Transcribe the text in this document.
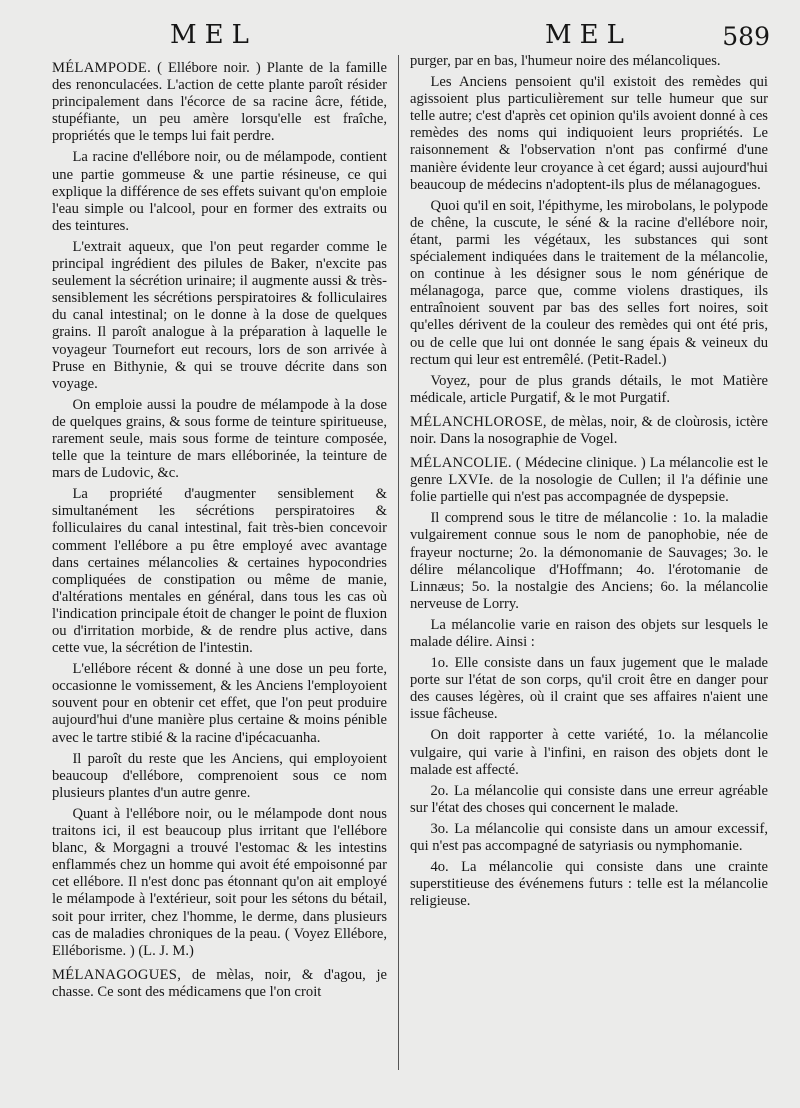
MEL	MEL	589

MÉLAMPODE. ( Ellébore noir. ) Plante de la famille des renonculacées. L'action de cette plante paroît résider principalement dans l'écorce de sa racine âcre, fétide, stupéfiante, un peu amère lorsqu'elle est fraîche, propriétés que le temps lui fait perdre.

La racine d'ellébore noir, ou de mélampode, contient une partie gommeuse & une partie résineuse, ce qui explique la différence de ses effets suivant qu'on emploie l'eau simple ou l'alcool, pour en former des extraits ou des teintures.

L'extrait aqueux, que l'on peut regarder comme le principal ingrédient des pilules de Baker, n'excite pas seulement la sécrétion urinaire; il augmente aussi & très-sensiblement les sécrétions perspiratoires & folliculaires du canal intestinal; on le donne à la dose de quelques grains. Il paroît analogue à la préparation à laquelle le voyageur Tournefort eut recours, lors de son arrivée à Pruse en Bithynie, & qui se trouve décrite dans son voyage.

On emploie aussi la poudre de mélampode à la dose de quelques grains, & sous forme de teinture spiritueuse, rarement seule, mais sous forme de teinture composée, telle que la teinture de mars elléborinée, la teinture de mars de Ludovic, &c.

La propriété d'augmenter sensiblement & simultanément les sécrétions perspiratoires & folliculaires du canal intestinal, fait très-bien concevoir comment l'ellébore a pu être employé avec avantage dans certaines mélancolies & certaines hypocondries compliquées de constipation ou même de manie, d'altérations mentales en général, dans tous les cas où l'indication principale étoit de changer le point de fluxion ou d'irritation morbide, & de rendre plus active, dans cette vue, la sécrétion de l'intestin.

L'ellébore récent & donné à une dose un peu forte, occasionne le vomissement, & les Anciens l'employoient souvent pour en obtenir cet effet, que l'on peut produire aujourd'hui d'une manière plus certaine & moins pénible avec le tartre stibié & la racine d'ipécacuanha.

Il paroît du reste que les Anciens, qui employoient beaucoup d'ellébore, comprenoient sous ce nom plusieurs plantes d'un autre genre.

Quant à l'ellébore noir, ou le mélampode dont nous traitons ici, il est beaucoup plus irritant que l'ellébore blanc, & Morgagni a trouvé l'estomac & les intestins enflammés chez un homme qui avoit été empoisonné par cet ellébore. Il n'est donc pas étonnant qu'on ait employé le mélampode à l'extérieur, soit pour les sétons du bétail, soit pour irriter, chez l'homme, le derme, dans plusieurs cas de maladies chroniques de la peau. ( Voyez Ellébore, Elléborisme. ) (L. J. M.)

MÉLANAGOGUES, de mèlas, noir, & d'agou, je chasse. Ce sont des médicamens que l'on croit

purger, par en bas, l'humeur noire des mélancoliques.

Les Anciens pensoient qu'il existoit des remèdes qui agissoient plus particulièrement sur telle humeur que sur telle autre; c'est d'après cet opinion qu'ils avoient donné à ces remèdes des noms qui indiquoient leurs propriétés. Le raisonnement & l'observation n'ont pas confirmé d'une manière évidente leur croyance à cet égard; aussi aujourd'hui beaucoup de médecins n'adoptent-ils plus de mélanagogues.

Quoi qu'il en soit, l'épithyme, les mirobolans, le polypode de chêne, la cuscute, le séné & la racine d'ellébore noir, étant, parmi les végétaux, les substances qui sont spécialement indiquées dans le traitement de la mélancolie, on continue à les désigner sous le nom générique de mélanagoga, parce que, comme violens drastiques, ils entraînoient souvent par bas des selles fort noires, soit qu'elles dérivent de la couleur des remèdes qui ont été pris, ou de celle que lui ont donnée le sang épais & veineux du rectum qui leur est entremêlé. (Petit-Radel.)

Voyez, pour de plus grands détails, le mot Matière médicale, article Purgatif, & le mot Purgatif.

MÉLANCHLOROSE, de mèlas, noir, & de cloùrosis, ictère noir. Dans la nosographie de Vogel.

MÉLANCOLIE. ( Médecine clinique. ) La mélancolie est le genre LXVIe. de la nosologie de Cullen; il l'a définie une folie partielle qui n'est pas accompagnée de dyspepsie.

Il comprend sous le titre de mélancolie : 1o. la maladie vulgairement connue sous le nom de panophobie, née de frayeur nocturne; 2o. la démonomanie de Sauvages; 3o. le délire mélancolique d'Hoffmann; 4o. l'érotomanie de Linnæus; 5o. la nostalgie des Anciens; 6o. la mélancolie nerveuse de Lorry.

La mélancolie varie en raison des objets sur lesquels le malade délire. Ainsi :

1o. Elle consiste dans un faux jugement que le malade porte sur l'état de son corps, qu'il croit être en danger pour des causes légères, où il craint que ses affaires n'aient une issue fâcheuse.

On doit rapporter à cette variété, 1o. la mélancolie vulgaire, qui varie à l'infini, en raison des objets dont le malade est affecté.

2o. La mélancolie qui consiste dans une erreur agréable sur l'état des choses qui concernent le malade.

3o. La mélancolie qui consiste dans un amour excessif, qui n'est pas accompagné de satyriasis ou nymphomanie.

4o. La mélancolie qui consiste dans une crainte superstitieuse des événemens futurs : telle est la mélancolie religieuse.
